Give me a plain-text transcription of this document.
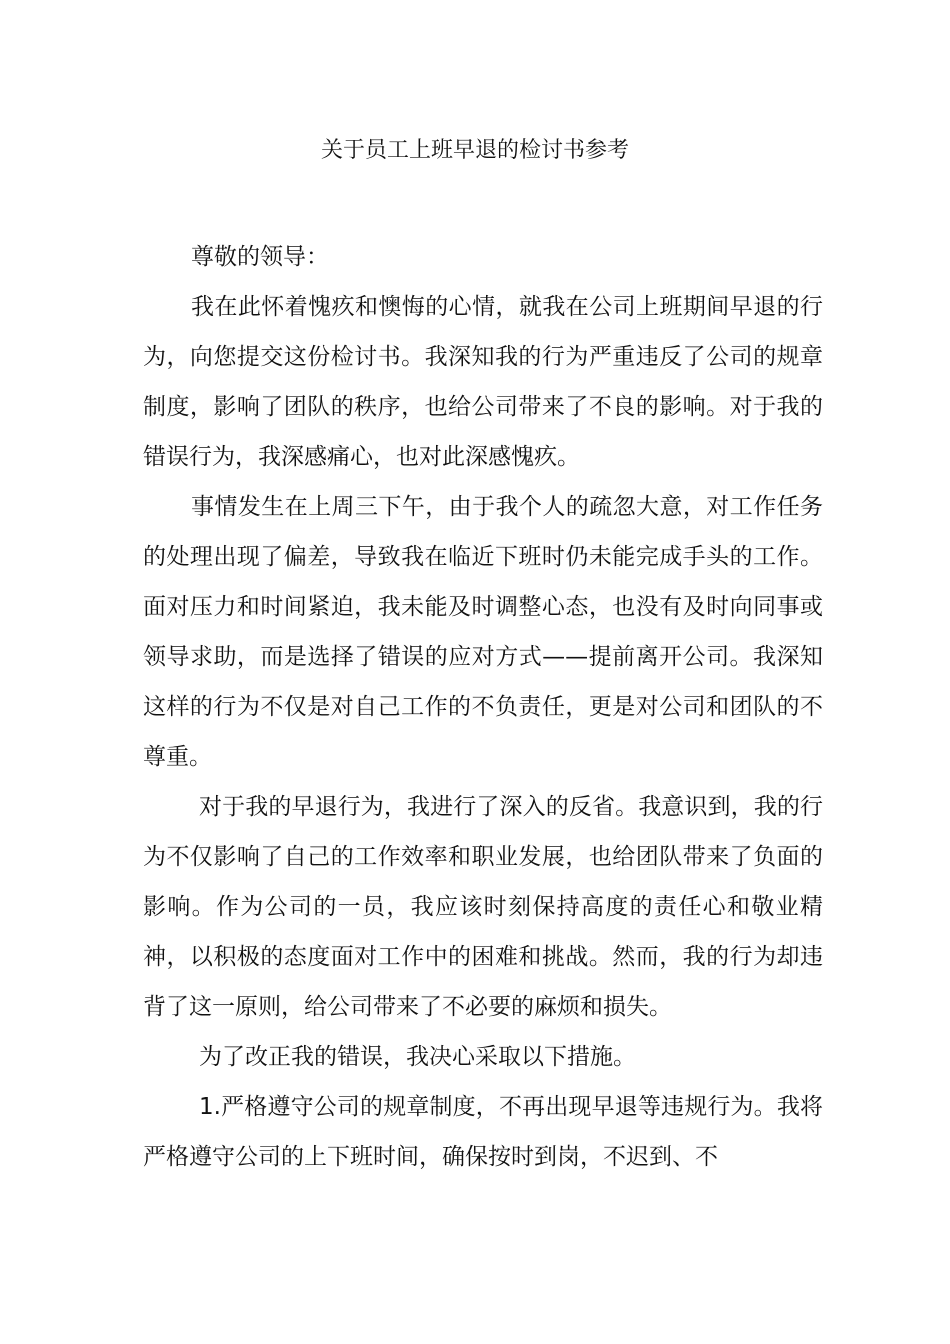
关于员工上班早退的检讨书参考

尊敬的领导：

我在此怀着愧疚和懊悔的心情，就我在公司上班期间早退的行为，向您提交这份检讨书。我深知我的行为严重违反了公司的规章制度，影响了团队的秩序，也给公司带来了不良的影响。对于我的错误行为，我深感痛心，也对此深感愧疚。

事情发生在上周三下午，由于我个人的疏忽大意，对工作任务的处理出现了偏差，导致我在临近下班时仍未能完成手头的工作。面对压力和时间紧迫，我未能及时调整心态，也没有及时向同事或领导求助，而是选择了错误的应对方式——提前离开公司。我深知这样的行为不仅是对自己工作的不负责任，更是对公司和团队的不尊重。

对于我的早退行为，我进行了深入的反省。我意识到，我的行为不仅影响了自己的工作效率和职业发展，也给团队带来了负面的影响。作为公司的一员，我应该时刻保持高度的责任心和敬业精神，以积极的态度面对工作中的困难和挑战。然而，我的行为却违背了这一原则，给公司带来了不必要的麻烦和损失。

为了改正我的错误，我决心采取以下措施。

1.严格遵守公司的规章制度，不再出现早退等违规行为。我将严格遵守公司的上下班时间，确保按时到岗，不迟到、不
